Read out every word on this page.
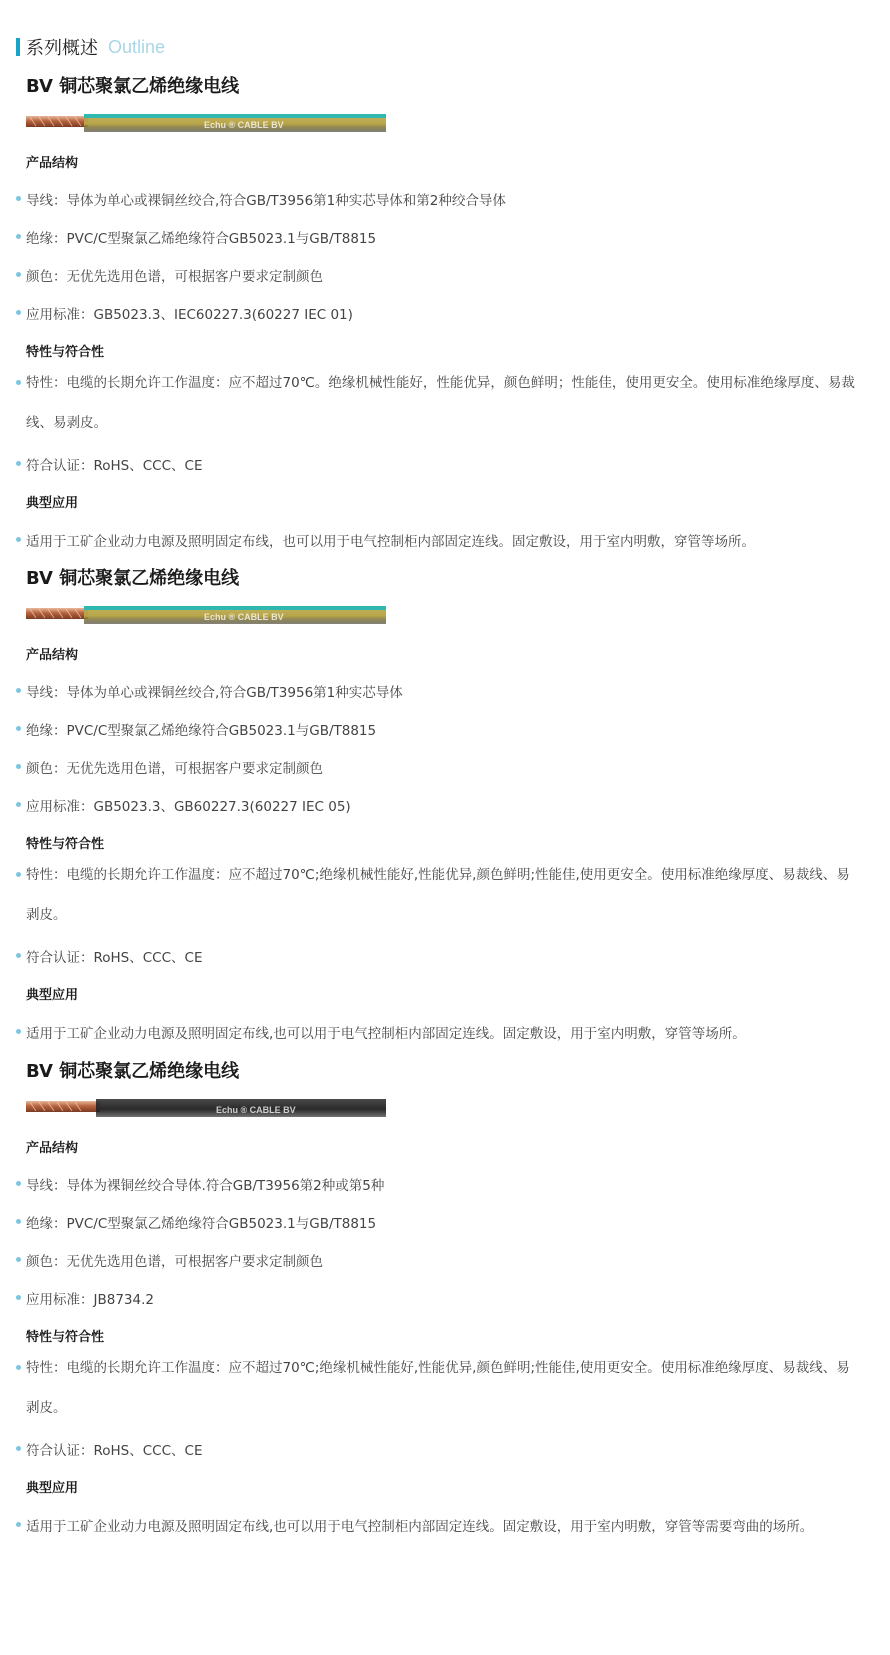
系列概述 Outline
BV 铜芯聚氯乙烯绝缘电线
Echu ® CABLE BV
产品结构
导线：导体为单心或裸铜丝绞合,符合GB/T3956第1种实芯导体和第2种绞合导体
绝缘：PVC/C型聚氯乙烯绝缘符合GB5023.1与GB/T8815
颜色：无优先选用色谱，可根据客户要求定制颜色
应用标准：GB5023.3、IEC60227.3(60227 IEC 01)
特性与符合性
特性：电缆的长期允许工作温度：应不超过70℃。绝缘机械性能好，性能优异，颜色鲜明；性能佳，使用更安全。使用标准绝缘厚度、易裁线、易剥皮。
符合认证：RoHS、CCC、CE
典型应用
适用于工矿企业动力电源及照明固定布线，也可以用于电气控制柜内部固定连线。固定敷设，用于室内明敷，穿管等场所。
BV 铜芯聚氯乙烯绝缘电线
Echu ® CABLE BV
产品结构
导线：导体为单心或裸铜丝绞合,符合GB/T3956第1种实芯导体
绝缘：PVC/C型聚氯乙烯绝缘符合GB5023.1与GB/T8815
颜色：无优先选用色谱，可根据客户要求定制颜色
应用标准：GB5023.3、GB60227.3(60227 IEC 05)
特性与符合性
特性：电缆的长期允许工作温度：应不超过70℃;绝缘机械性能好,性能优异,颜色鲜明;性能佳,使用更安全。使用标准绝缘厚度、易裁线、易剥皮。
符合认证：RoHS、CCC、CE
典型应用
适用于工矿企业动力电源及照明固定布线,也可以用于电气控制柜内部固定连线。固定敷设，用于室内明敷，穿管等场所。
BV 铜芯聚氯乙烯绝缘电线
Echu ® CABLE BV
产品结构
导线：导体为裸铜丝绞合导体.符合GB/T3956第2种或第5种
绝缘：PVC/C型聚氯乙烯绝缘符合GB5023.1与GB/T8815
颜色：无优先选用色谱，可根据客户要求定制颜色
应用标准：JB8734.2
特性与符合性
特性：电缆的长期允许工作温度：应不超过70℃;绝缘机械性能好,性能优异,颜色鲜明;性能佳,使用更安全。使用标准绝缘厚度、易裁线、易剥皮。
符合认证：RoHS、CCC、CE
典型应用
适用于工矿企业动力电源及照明固定布线,也可以用于电气控制柜内部固定连线。固定敷设，用于室内明敷，穿管等需要弯曲的场所。
